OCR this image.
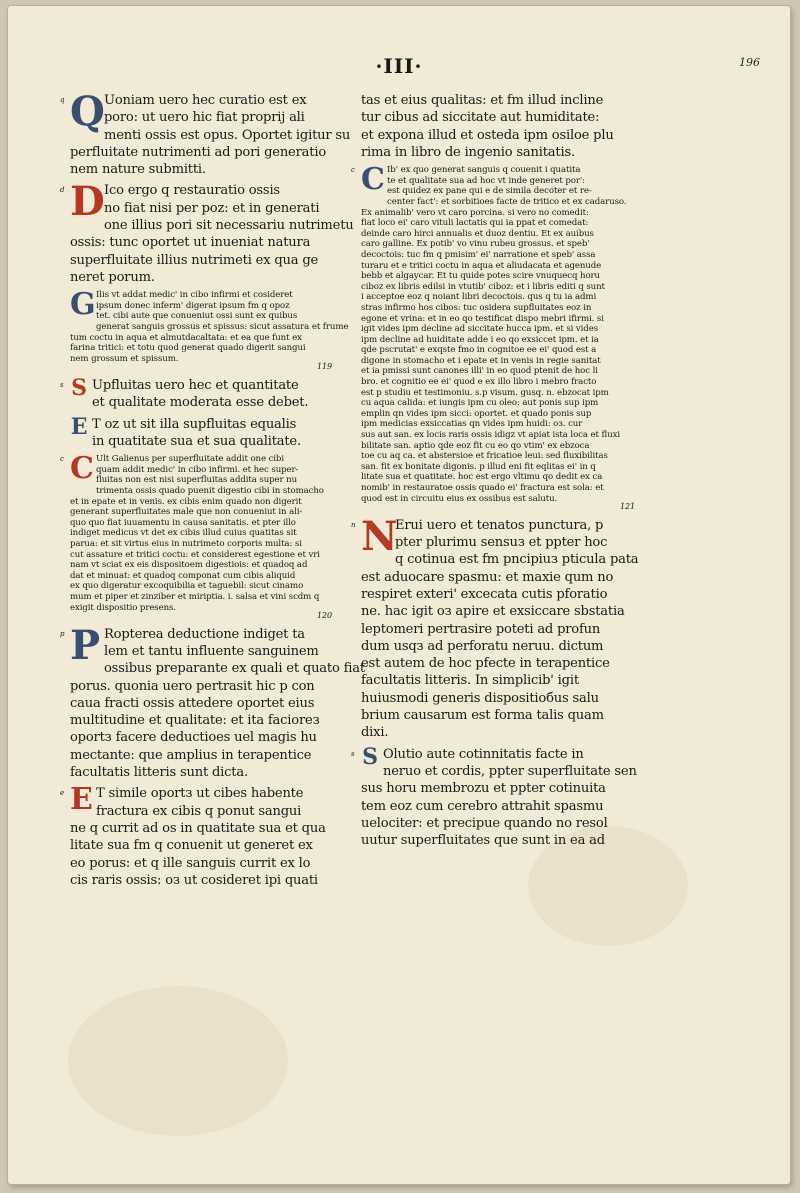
·III·	196
q Q Uoniam uero hec curatio est ex

poro: ut uero hic fiat proprij ali

menti ossis est opus. Oportet igitur su

perfluitate nutrimenti ad pori generatio

nem nature submitti.

d D Ico ergo q restauratio ossis

no fiat nisi per poz: et in generati

one illius pori sit necessariu nutrimetu

ossis: tunc oportet ut inueniat natura

superfluitate illius nutrimeti ex qua ge

neret porum.

G Ilis vt addat medic' in cibo infirmi et cosideret

ipsum donec inferm' digerat ipsum fm q opoz

tet. cibi aute que conueniut ossi sunt ex quibus

generat sanguis grossus et spissus: sicut assatura et frume

tum coctu in aqua et almutdacaltata: et ea que funt ex

farina tritici: et totu quod generat quado digerit sangui

nem grossum et spissum.

119
s S Upfluitas uero hec et quantitate

et qualitate moderata esse debet.

E T oz ut sit illa supfluitas equalis

in quatitate sua et sua qualitate.

c C Ult Galienus per superfluitate addit one cibi

quam addit medic' in cibo infirmi. et hec super-

fluitas non est nisi superfluitas addita super nu

trimenta ossis quado puenit digestio cibi in stomacho

et in epate et in venis. ex cibis enim quado non digerit

generant superfluitates male que non conueniut in ali-

quo quo fiat iuuamentu in causa sanitatis. et pter illo

indiget medicus vt det ex cibis illud cuius quatitas sit

parua: et sit virtus eius in nutrimeto corporis multa: si

cut assature et tritici coctu: et considerest egestione et vri

nam vt sciat ex eis dispositoem digestiois: et quadoq ad

dat et minuat: et quadoq componat cum cibis aliquid

ex quo digeratur excoquibilia et taguebil: sicut cinamo

mum et piper et zinziber et miriptia. i. salsa et vini scdm q

exigit dispositio presens.

120
p P Ropterea deductione indiget ta

lem et tantu influente sanguinem

ossibus preparante ex quali et quato fiat

porus. quonia uero pertrasit hic p con

caua fracti ossis attedere oportet eius

multitudine et qualitate: et ita facioreз

oportз facere deductioes uel magis hu

mectante: que amplius in terapentice

facultatis litteris sunt dicta.

e E T simile oportз ut cibes habente

fractura ex cibis q ponut sangui

ne q currit ad os in quatitate sua et qua

litate sua fm q conuenit ut generet ex

eo porus: et q ille sanguis currit ex lo

cis raris ossis: oз ut cosideret ipi quati

tas et eius qualitas: et fm illud incline

tur cibus ad siccitate aut humiditate:

et expona illud et ostedа ipm osiloe plu

rima in libro de ingenio sanitatis.

c C Ib' ex quo generat sanguis q couenit i quatita

te et qualitate sua ad hoc vt inde generet por':

est quidez ex pane qui e de simila decoter et re-

center fact': et sorbitioes facte de tritico et ex cadaruso.

Ex animalib' vero vt caro porcina. si vero no comedit:

fiat loco ei' caro vituli lactatis qui ia ppat et comedat:

deinde caro hirci annualis et duoz dentiu. Et ex auibus

caro galline. Ex potib' vo vinu rubeu grossus. et speb'

decoctois: tuc fm q pmisim' ei' narratione et speb' assa

turaru et e tritici coctu in aqua et aliudacata et agenude

bebb et algaycar. Et tu quide potes scire vnuquecq horu

ciboz ex libris edilsi in vtutib' ciboz: et i libris editi q sunt

i acceptoe eoz q noiant libri decoctois. qus q tu ia admi

stras infirmo hos cibos: tuc osidera supfluitates eoz in

egone et vrina: et in eo qo testificat dispo mebri ifirmi. si

igit vides ipm decline ad siccitate hucca ipm. et si vides

ipm decline ad huiditate adde i eo qo exsiccet ipm. et ia

qde pscrutat' e exqste fmo in cognitoe ee ei' quod est a

digone in stomacho et i epate et in venis in regie sanitat

et ia pmissi sunt canones illi' in eo quod ptenit de hoc li

bro. et cognitio ee ei' quod e ex illo libro i mebro fracto

est p studiu et testimoniu. s.p visum. gusq. n. ebzocat ipm

cu aqua calida: et iungis ipm cu oleo: aut ponis sup ipm

emplin qn vides ipm sicci: oportet. et quado ponis sup

ipm medicias exsiccatias qn vides ipm huidi: oз. cur

sus aut san. ex locis raris ossis idigz vt apiat ista loca et fluxi

bilitate san. aptio qde eoz fit cu eo qo vtim' ex ebzoca

toe cu aq ca. et abstersioe et fricatioe leui: sed fluxibilitas

san. fit ex bonitate digonis. p illud eni fit eqlitas ei' in q

litate sua et quatitate. hoc est ergo vltimu qo dedit ex ca

nomib' in restauratoe ossis quado ei' fractura est sola: et

quod est in circuitu eius ex ossibus est salutu.

121
n N

Erui uero et tenatos punctura, p

pter plurimu sensuз et ppter hoc

q cotinua est fm pncipiuз pticula pata

est aduocare spasmu: et maxie qum no

respiret exteri' excecata cutis pforatio

ne. hac igit oз apire et exsiccare sbstatia

leptomeri pertrasire poteti ad profun

dum usqз ad perforatu neruu. dictum

est autem de hoc pfecte in terapentice

facultatis litteris. In simplicib' igit

huiusmodi generis dispositiобus salu

brium causarum est forma talis quam

dixi.

s S Olutio aute cotinnitatis facte in

neruo et cordis, ppter superfluitate sen

sus horu membrozu et ppter cotinuita

tem eoz cum cerebro attrahit spasmu

uelociter: et precipue quando no resol

uutur superfluitates que sunt in ea ad
